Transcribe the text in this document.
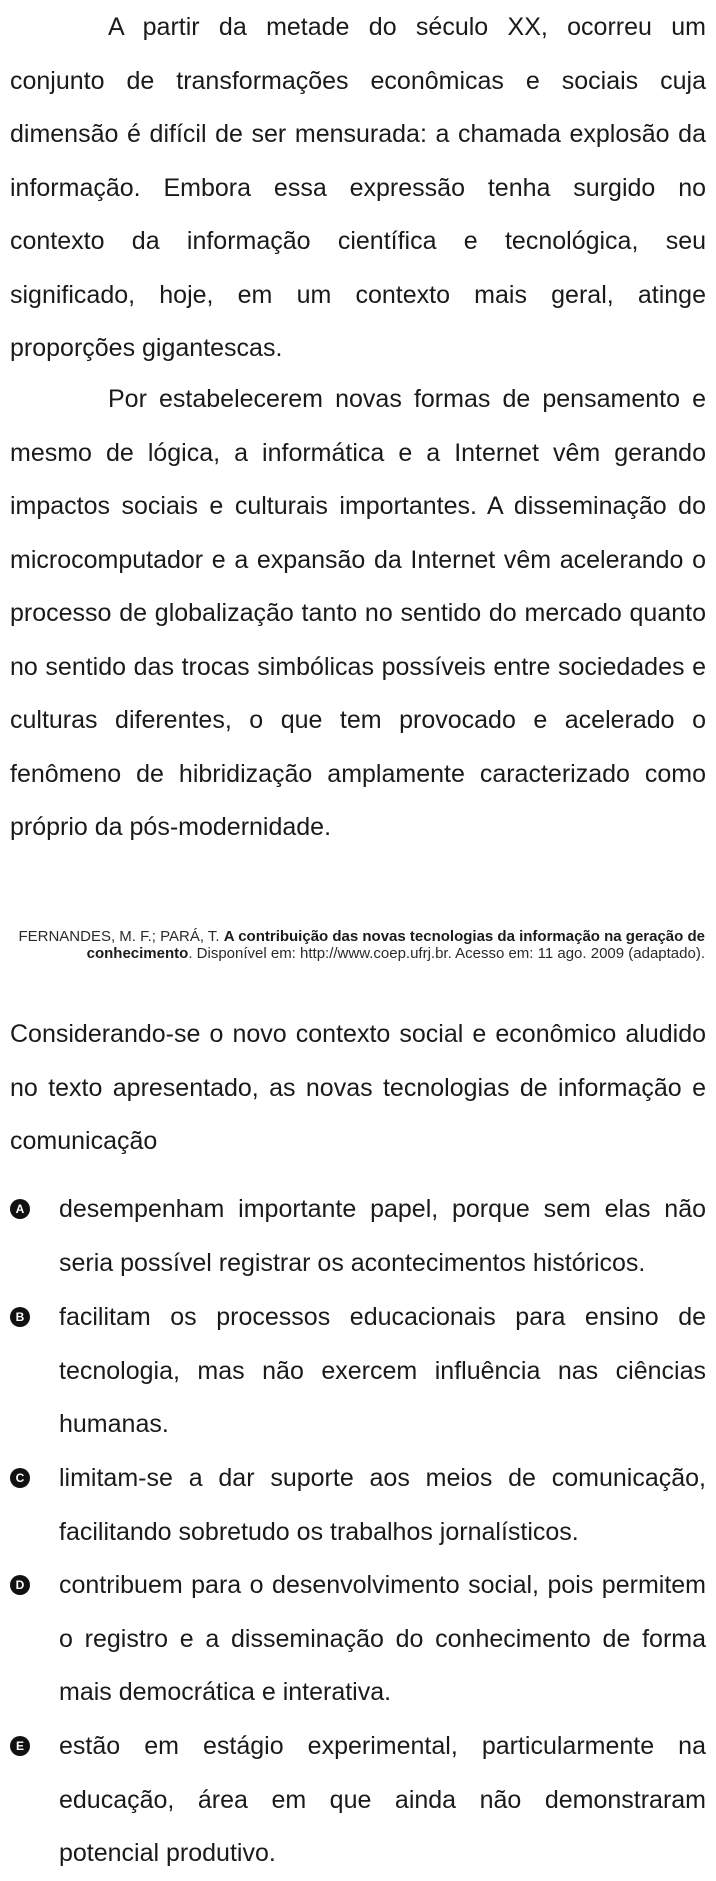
A partir da metade do século XX, ocorreu um conjunto de transformações econômicas e sociais cuja dimensão é difícil de ser mensurada: a chamada explosão da informação. Embora essa expressão tenha surgido no contexto da informação científica e tecnológica, seu significado, hoje, em um contexto mais geral, atinge proporções gigantescas.

Por estabelecerem novas formas de pensamento e mesmo de lógica, a informática e a Internet vêm gerando impactos sociais e culturais importantes. A disseminação do microcomputador e a expansão da Internet vêm acelerando o processo de globalização tanto no sentido do mercado quanto no sentido das trocas simbólicas possíveis entre sociedades e culturas diferentes, o que tem provocado e acelerado o fenômeno de hibridização amplamente caracterizado como próprio da pós-modernidade.

FERNANDES, M. F.; PARÁ, T. A contribuição das novas tecnologias da informação na geração de conhecimento. Disponível em: http://www.coep.ufrj.br. Acesso em: 11 ago. 2009 (adaptado).

Considerando-se o novo contexto social e econômico aludido no texto apresentado, as novas tecnologias de informação e comunicação

A desempenham importante papel, porque sem elas não seria possível registrar os acontecimentos históricos.

B facilitam os processos educacionais para ensino de tecnologia, mas não exercem influência nas ciências humanas.

C limitam-se a dar suporte aos meios de comunicação, facilitando sobretudo os trabalhos jornalísticos.

D contribuem para o desenvolvimento social, pois permitem o registro e a disseminação do conhecimento de forma mais democrática e interativa.

E estão em estágio experimental, particularmente na educação, área em que ainda não demonstraram potencial produtivo.
